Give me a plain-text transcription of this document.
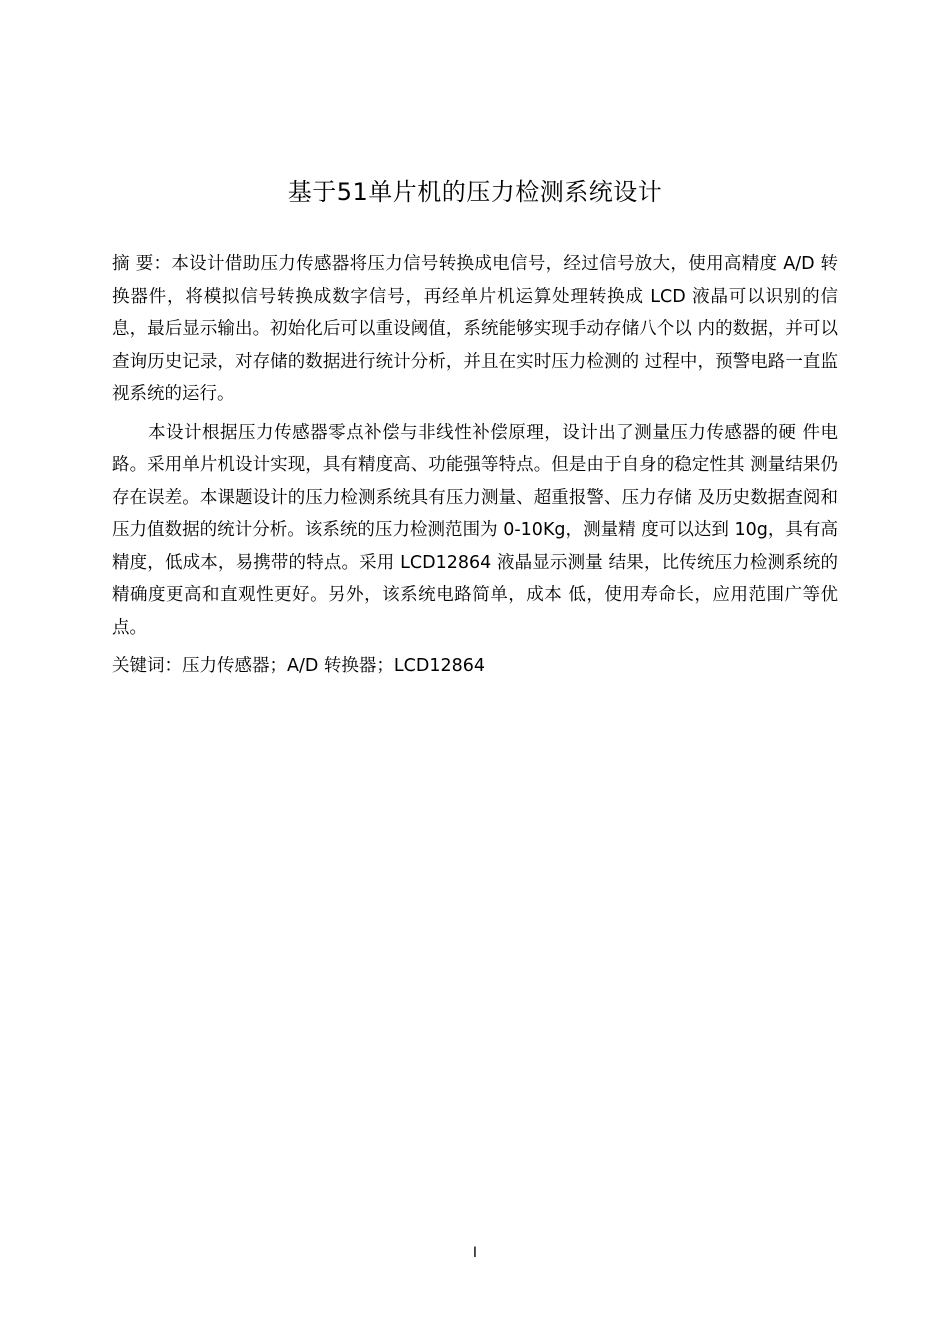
基于51单片机的压力检测系统设计

摘 要：本设计借助压力传感器将压力信号转换成电信号，经过信号放大，使用高精度 A/D 转换器件，将模拟信号转换成数字信号，再经单片机运算处理转换成 LCD 液晶可以识别的信息，最后显示输出。初始化后可以重设阈值，系统能够实现手动存储八个以 内的数据，并可以查询历史记录，对存储的数据进行统计分析，并且在实时压力检测的 过程中，预警电路一直监视系统的运行。

本设计根据压力传感器零点补偿与非线性补偿原理，设计出了测量压力传感器的硬 件电路。采用单片机设计实现，具有精度高、功能强等特点。但是由于自身的稳定性其 测量结果仍存在误差。本课题设计的压力检测系统具有压力测量、超重报警、压力存储 及历史数据查阅和压力值数据的统计分析。该系统的压力检测范围为 0-10Kg，测量精 度可以达到 10g，具有高精度，低成本，易携带的特点。采用 LCD12864 液晶显示测量 结果，比传统压力检测系统的精确度更高和直观性更好。另外，该系统电路简单，成本 低，使用寿命长，应用范围广等优点。

关键词：压力传感器；A/D 转换器；LCD12864

I
